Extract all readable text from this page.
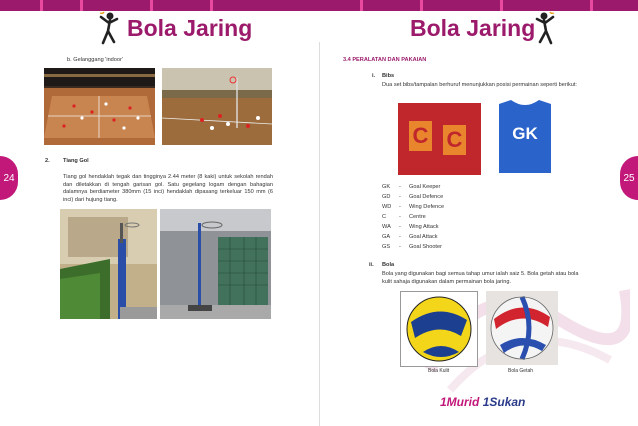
Bola Jaring	Bola Jaring
24	25
b. Gelanggang 'indoor'
2. Tiang Gol
Tiang gol hendaklah tegak dan tingginya 2.44 meter (8 kaki) untuk sekolah rendah dan diletakkan di tengah garisan gol. Satu gegelang logam dengan bahagian dalamnya berdiameter 380mm (15 inci) hendaklah dipasang terkeluar 150 mm (6 inci) dari hujung tiang.
3.4 PERALATAN DAN PAKAIAN
i. Bibs
Dua set bibs/tampalan berhuruf menunjukkan posisi permainan seperti berikut:
C C	GK
GK - Goal Keeper
GD - Goal Defence
WD - Wing Defence
C - Centre
WA - Wing Attack
GA - Goal Attack
GS - Goal Shooter
ii. Bola
Bola yang digunakan bagi semua tahap umur ialah saiz 5. Bola getah atau bola kulit sahaja digunakan dalam permainan bola jaring.
Bola Kulit	Bola Getah
1Murid 1Sukan
